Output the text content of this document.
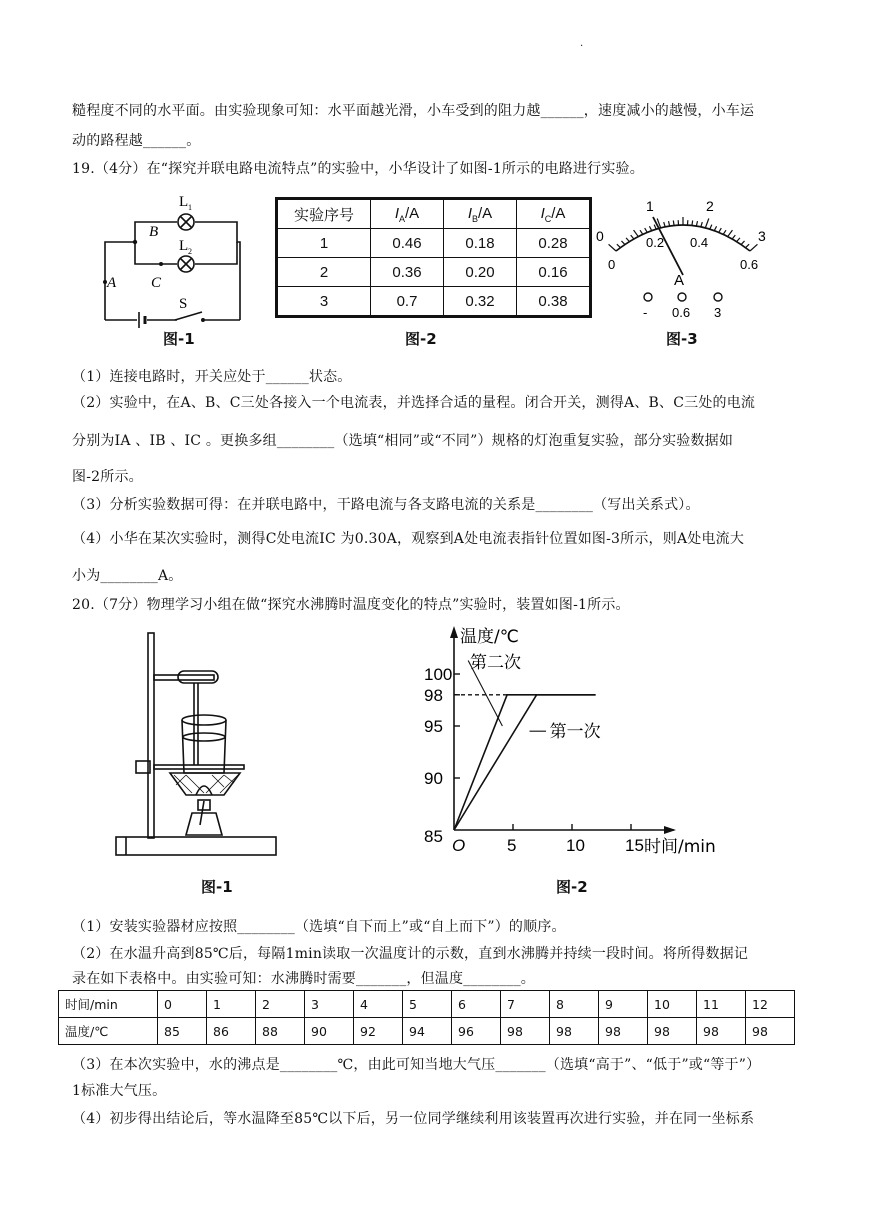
.
糙程度不同的水平面。由实验现象可知：水平面越光滑，小车受到的阻力越______，速度减小的越慢，小车运
动的路程越______。
19.（4分）在“探究并联电路电流特点”的实验中，小华设计了如图-1所示的电路进行实验。
L 1
L 2
B
A C
S
图-1
实验序号	$I_A/A$	$I_B/A$	$I_C/A$
1	0.46	0.18	0.28
2	0.36	0.20	0.16
3	0.7	0.32	0.38
图-2
0
1	2
3
0
0.2 0.4
0.6
A
- 0.6 3
图-3
（1）连接电路时，开关应处于______状态。
（2）实验中，在A、B、C三处各接入一个电流表，并选择合适的量程。闭合开关，测得A、B、C三处的电流
分别为IA 、IB 、IC 。更换多组________（选填“相同”或“不同”）规格的灯泡重复实验，部分实验数据如
图-2所示。
（3）分析实验数据可得：在并联电路中，干路电流与各支路电流的关系是________（写出关系式）。
（4）小华在某次实验时，测得C处电流IC 为0.30A，观察到A处电流表指针位置如图-3所示，则A处电流大
小为________A。
20.（7分）物理学习小组在做“探究水沸腾时温度变化的特点”实验时，装置如图-1所示。
图-1
5	10 15
85
90
95
98
100
O
温度/℃
时间/min
第二次
第一次
图-2
（1）安装实验器材应按照________（选填“自下而上”或“自上而下”）的顺序。
（2）在水温升高到85℃后，每隔1min读取一次温度计的示数，直到水沸腾并持续一段时间。将所得数据记
录在如下表格中。由实验可知：水沸腾时需要_______，但温度________。
时间/min	0	1	2	3	4	5	6	7	8	9	10	11	12
温度/℃	85	86	88	90	92	94	96	98	98	98	98	98	98
（3）在本次实验中，水的沸点是________℃，由此可知当地大气压_______（选填“高于”、“低于”或“等于”）
1标准大气压。
（4）初步得出结论后，等水温降至85℃以下后，另一位同学继续利用该装置再次进行实验，并在同一坐标系
